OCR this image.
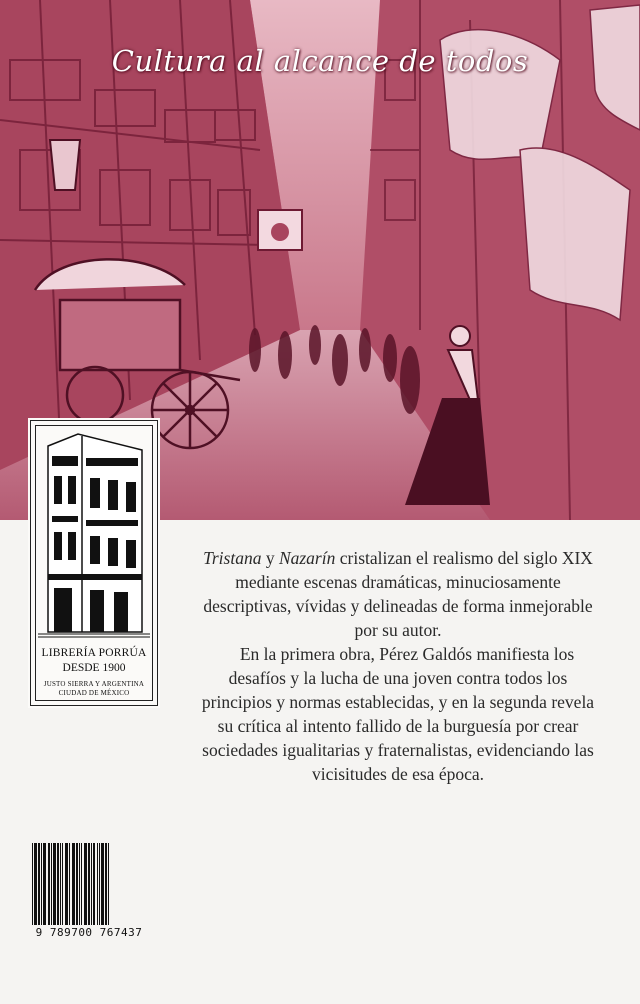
Cultura al alcance de todos
LIBRERÍA PORRÚA
DESDE 1900
JUSTO SIERRA Y ARGENTINA
CIUDAD DE MÉXICO

Tristana y Nazarín cristalizan el realismo del siglo XIX mediante escenas dramáticas, minuciosamente descriptivas, vívidas y delineadas de forma inmejorable por su autor.

En la primera obra, Pérez Galdós manifiesta los desafíos y la lucha de una joven contra todos los principios y normas establecidas, y en la segunda revela su crítica al intento fallido de la burguesía por crear sociedades igualitarias y fraternalistas, evidenciando las vicisitudes de esa época.

9 789700 767437
